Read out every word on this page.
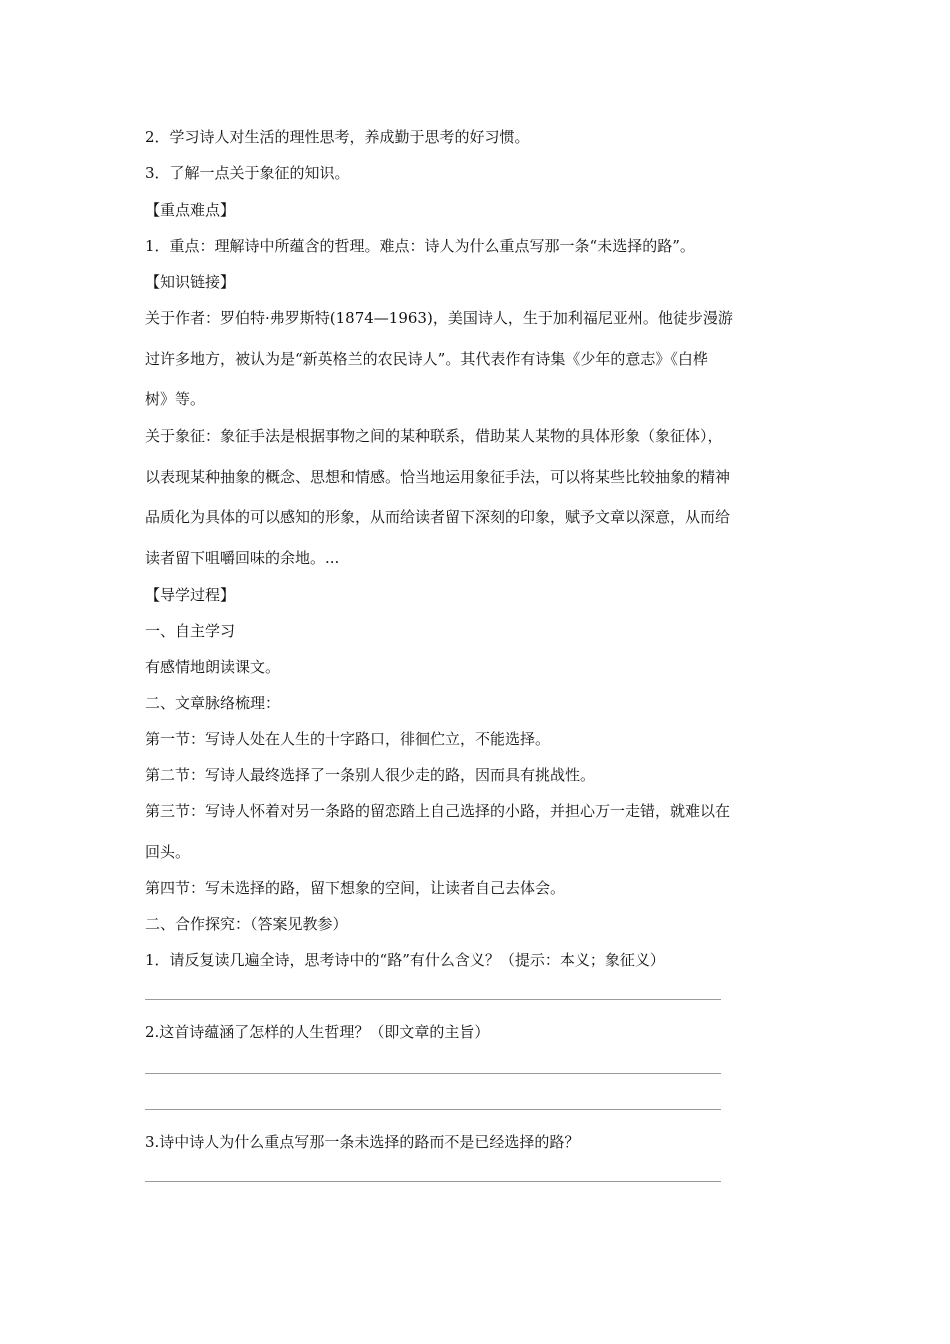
2．学习诗人对生活的理性思考，养成勤于思考的好习惯。
3．了解一点关于象征的知识。
【重点难点】
1．重点：理解诗中所蕴含的哲理。难点：诗人为什么重点写那一条“未选择的路”。
【知识链接】
关于作者：罗伯特·弗罗斯特(1874—1963)，美国诗人，生于加利福尼亚州。他徒步漫游
过许多地方，被认为是“新英格兰的农民诗人”。其代表作有诗集《少年的意志》《白桦
树》等。
关于象征：象征手法是根据事物之间的某种联系，借助某人某物的具体形象（象征体），
以表现某种抽象的概念、思想和情感。恰当地运用象征手法，可以将某些比较抽象的精神
品质化为具体的可以感知的形象，从而给读者留下深刻的印象，赋予文章以深意，从而给
读者留下咀嚼回味的余地。...
【导学过程】
一、自主学习
有感情地朗读课文。
二、文章脉络梳理：
第一节：写诗人处在人生的十字路口，徘徊伫立，不能选择。
第二节：写诗人最终选择了一条别人很少走的路，因而具有挑战性。
第三节：写诗人怀着对另一条路的留恋踏上自己选择的小路，并担心万一走错，就难以在
回头。
第四节：写未选择的路，留下想象的空间，让读者自己去体会。
二、合作探究：（答案见教参）
1．请反复读几遍全诗，思考诗中的“路”有什么含义？（提示：本义；象征义）
2.这首诗蕴涵了怎样的人生哲理？（即文章的主旨）
3.诗中诗人为什么重点写那一条未选择的路而不是已经选择的路？
